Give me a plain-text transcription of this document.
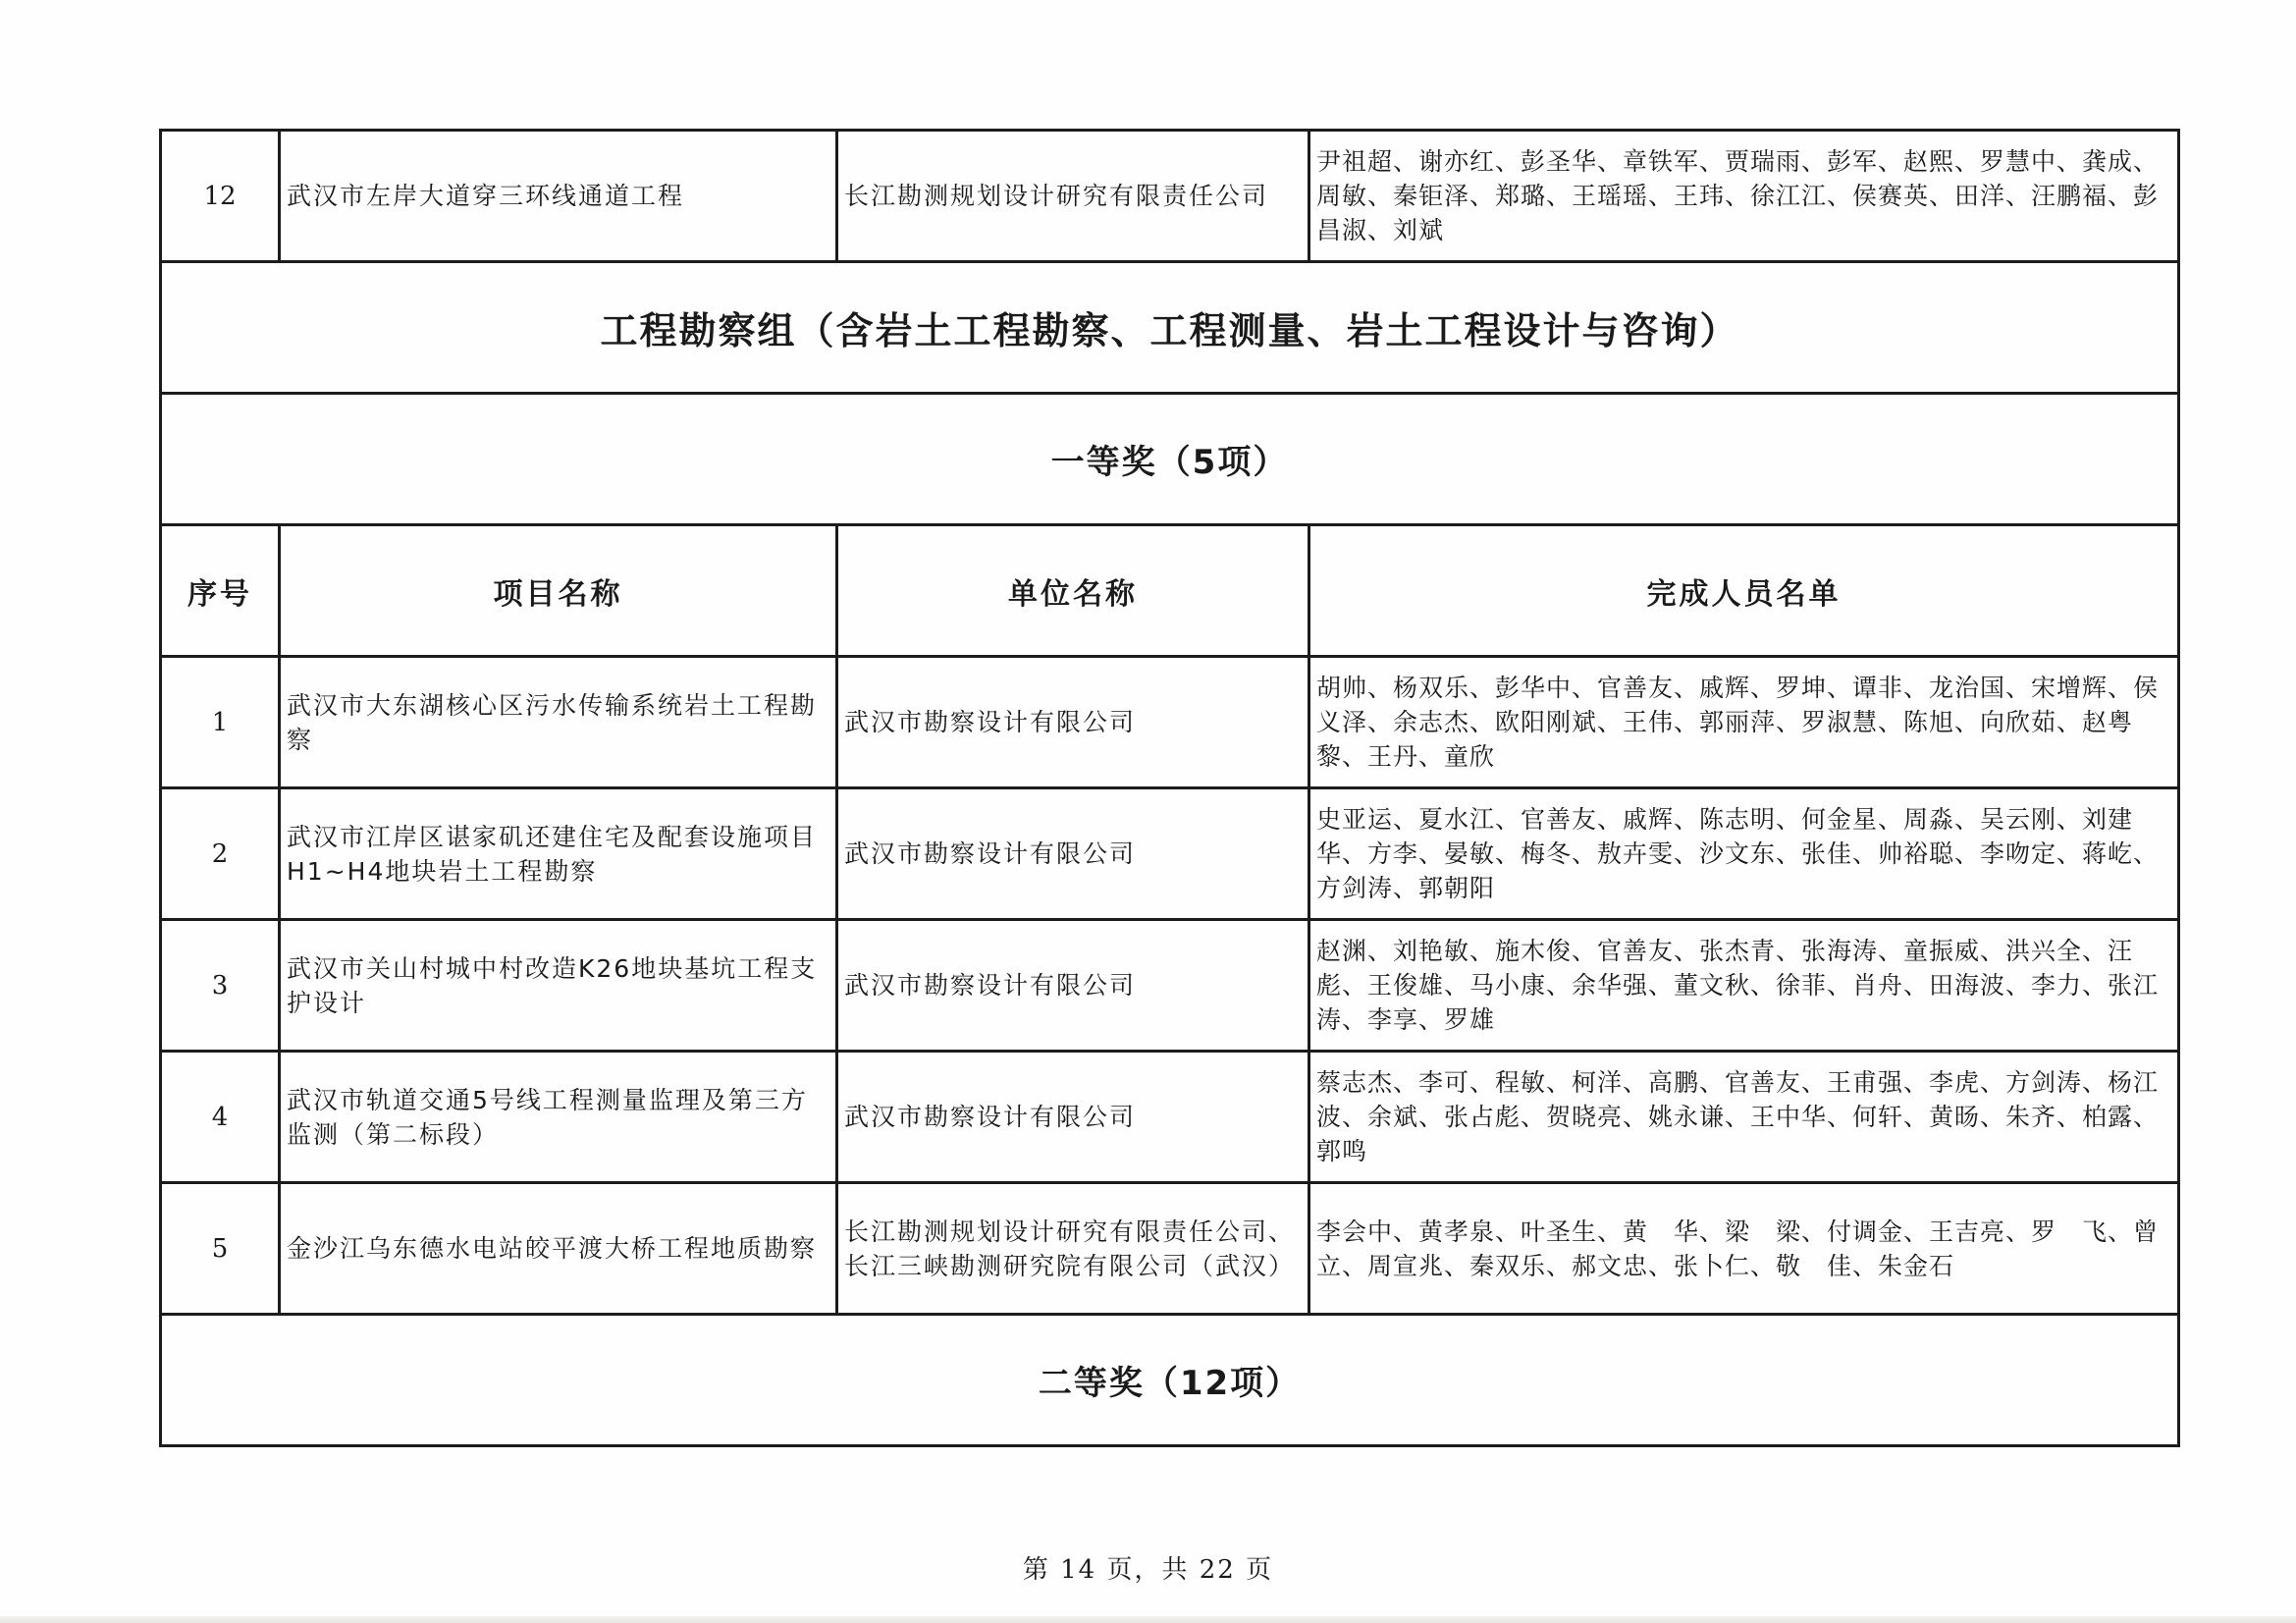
12	武汉市左岸大道穿三环线通道工程	长江勘测规划设计研究有限责任公司	尹祖超、谢亦红、彭圣华、章铁军、贾瑞雨、彭军、赵熙、罗慧中、龚成、周敏、秦钜泽、郑璐、王瑶瑶、王玮、徐江江、侯赛英、田洋、汪鹏福、彭昌淑、刘斌
工程勘察组（含岩土工程勘察、工程测量、岩土工程设计与咨询）			
一等奖（5项）			
序号	项目名称	单位名称	完成人员名单
1	武汉市大东湖核心区污水传输系统岩土工程勘察	武汉市勘察设计有限公司	胡帅、杨双乐、彭华中、官善友、戚辉、罗坤、谭非、龙治国、宋增辉、侯义泽、余志杰、欧阳刚斌、王伟、郭丽萍、罗淑慧、陈旭、向欣茹、赵粤黎、王丹、童欣
2	武汉市江岸区谌家矶还建住宅及配套设施项目H1~H4地块岩土工程勘察	武汉市勘察设计有限公司	史亚运、夏水江、官善友、戚辉、陈志明、何金星、周淼、吴云刚、刘建华、方李、晏敏、梅冬、敖卉雯、沙文东、张佳、帅裕聪、李吻定、蒋屹、方剑涛、郭朝阳
3	武汉市关山村城中村改造K26地块基坑工程支护设计	武汉市勘察设计有限公司	赵渊、刘艳敏、施木俊、官善友、张杰青、张海涛、童振威、洪兴全、汪彪、王俊雄、马小康、余华强、董文秋、徐菲、肖舟、田海波、李力、张江涛、李享、罗雄
4	武汉市轨道交通5号线工程测量监理及第三方监测（第二标段）	武汉市勘察设计有限公司	蔡志杰、李可、程敏、柯洋、高鹏、官善友、王甫强、李虎、方剑涛、杨江波、余斌、张占彪、贺晓亮、姚永谦、王中华、何轩、黄旸、朱齐、柏露、郭鸣
5	金沙江乌东德水电站皎平渡大桥工程地质勘察	长江勘测规划设计研究有限责任公司、长江三峡勘测研究院有限公司（武汉）	李会中、黄孝泉、叶圣生、黄　华、梁　梁、付调金、王吉亮、罗　飞、曾　立、周宣兆、秦双乐、郝文忠、张卜仁、敬　佳、朱金石
二等奖（12项）			
第 14 页，共 22 页
